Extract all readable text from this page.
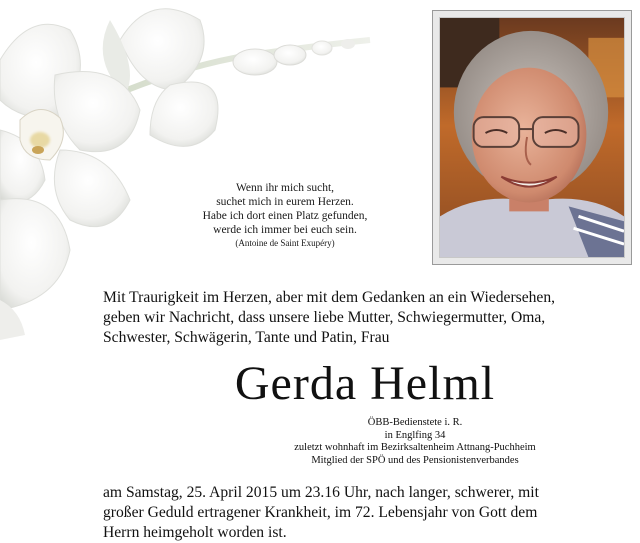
Wenn ihr mich sucht,
suchet mich in eurem Herzen.
Habe ich dort einen Platz gefunden,
werde ich immer bei euch sein.
(Antoine de Saint Exupéry)
Mit Traurigkeit im Herzen, aber mit dem Gedanken an ein Wiedersehen,
geben wir Nachricht, dass unsere liebe Mutter, Schwiegermutter, Oma,
Schwester, Schwägerin, Tante und Patin, Frau
Gerda Helml
ÖBB-Bedienstete i. R.
in Englfing 34
zuletzt wohnhaft im Bezirksaltenheim Attnang-Puchheim
Mitglied der SPÖ und des Pensionistenverbandes
am Samstag, 25. April 2015 um 23.16 Uhr, nach langer, schwerer, mit
großer Geduld ertragener Krankheit, im 72. Lebensjahr von Gott dem
Herrn heimgeholt worden ist.
